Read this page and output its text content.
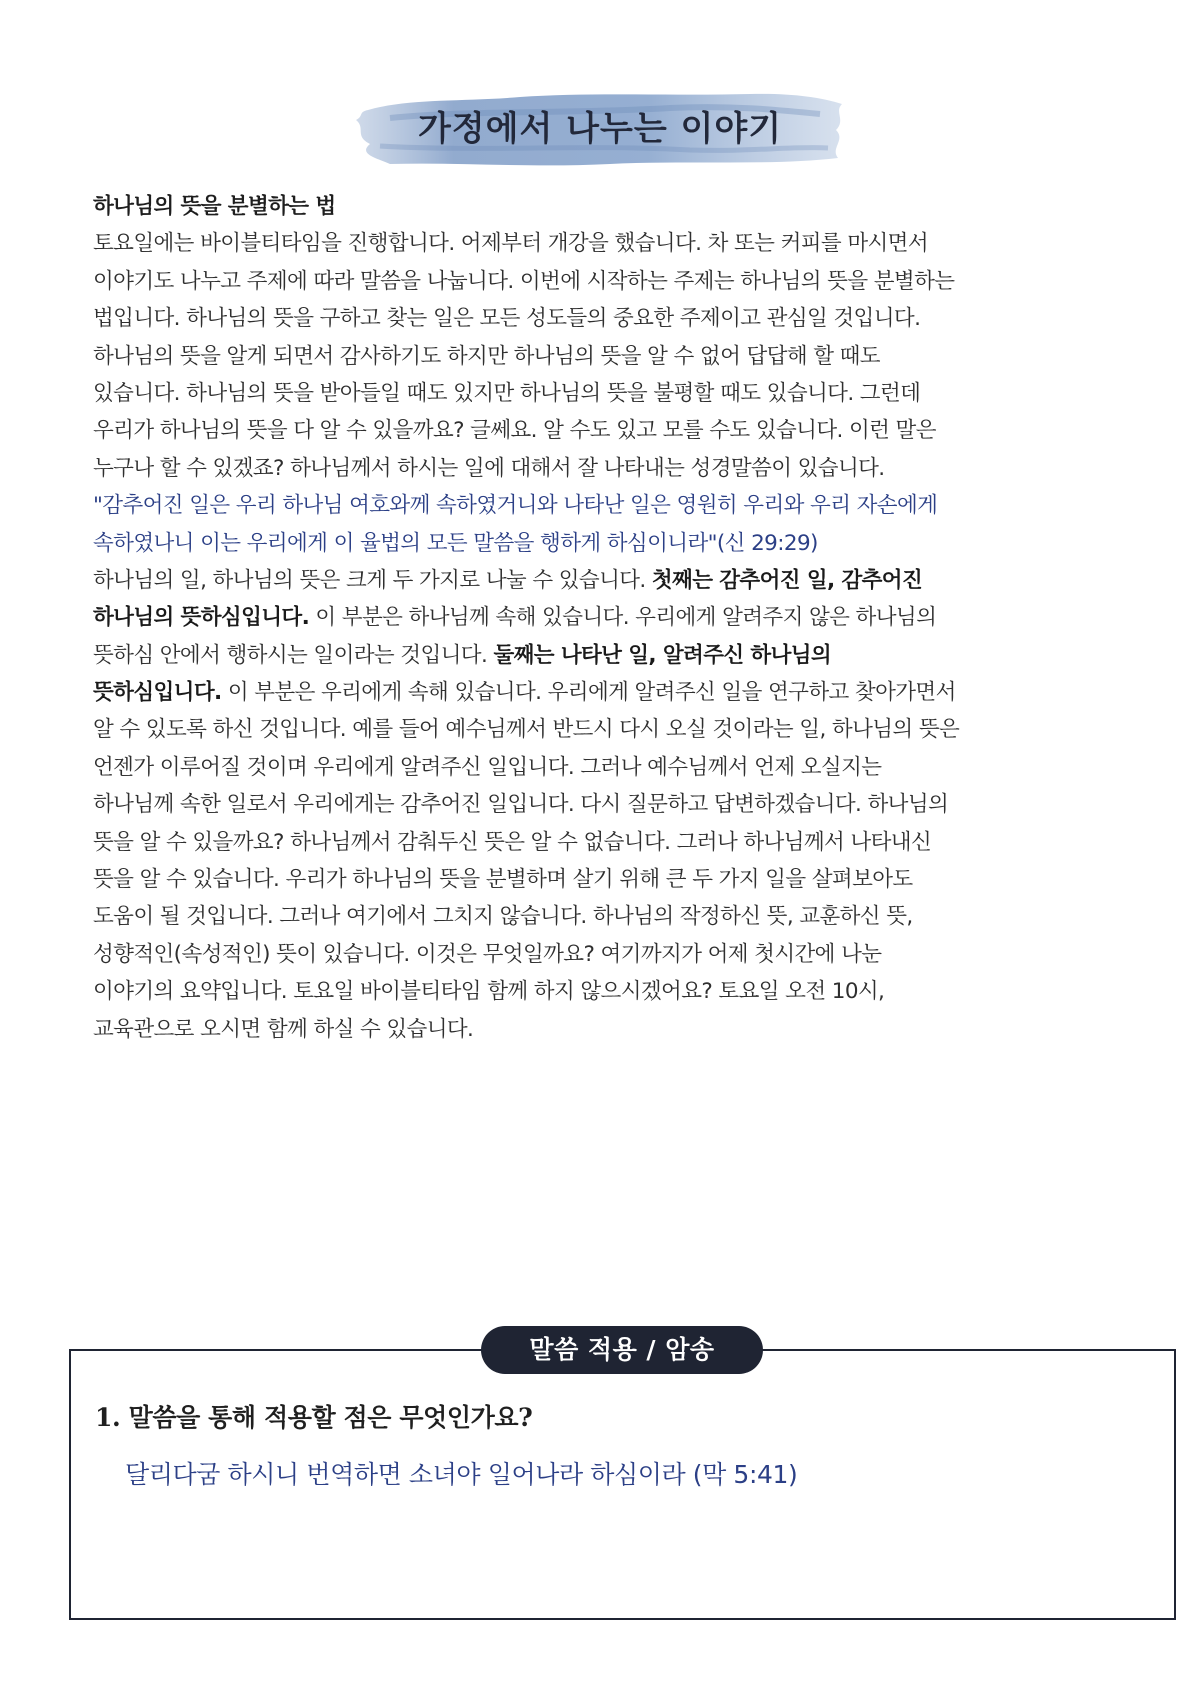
가정에서 나누는 이야기
하나님의 뜻을 분별하는 법
토요일에는 바이블티타임을 진행합니다. 어제부터 개강을 했습니다. 차 또는 커피를 마시면서
이야기도 나누고 주제에 따라 말씀을 나눕니다. 이번에 시작하는 주제는 하나님의 뜻을 분별하는
법입니다. 하나님의 뜻을 구하고 찾는 일은 모든 성도들의 중요한 주제이고 관심일 것입니다.
하나님의 뜻을 알게 되면서 감사하기도 하지만 하나님의 뜻을 알 수 없어 답답해 할 때도
있습니다. 하나님의 뜻을 받아들일 때도 있지만 하나님의 뜻을 불평할 때도 있습니다. 그런데
우리가 하나님의 뜻을 다 알 수 있을까요? 글쎄요. 알 수도 있고 모를 수도 있습니다. 이런 말은
누구나 할 수 있겠죠? 하나님께서 하시는 일에 대해서 잘 나타내는 성경말씀이 있습니다.
"감추어진 일은 우리 하나님 여호와께 속하였거니와 나타난 일은 영원히 우리와 우리 자손에게
속하였나니 이는 우리에게 이 율법의 모든 말씀을 행하게 하심이니라"(신 29:29)
하나님의 일, 하나님의 뜻은 크게 두 가지로 나눌 수 있습니다. 첫째는 감추어진 일, 감추어진
하나님의 뜻하심입니다. 이 부분은 하나님께 속해 있습니다. 우리에게 알려주지 않은 하나님의
뜻하심 안에서 행하시는 일이라는 것입니다. 둘째는 나타난 일, 알려주신 하나님의
뜻하심입니다. 이 부분은 우리에게 속해 있습니다. 우리에게 알려주신 일을 연구하고 찾아가면서
알 수 있도록 하신 것입니다. 예를 들어 예수님께서 반드시 다시 오실 것이라는 일, 하나님의 뜻은
언젠가 이루어질 것이며 우리에게 알려주신 일입니다. 그러나 예수님께서 언제 오실지는
하나님께 속한 일로서 우리에게는 감추어진 일입니다. 다시 질문하고 답변하겠습니다. 하나님의
뜻을 알 수 있을까요? 하나님께서 감춰두신 뜻은 알 수 없습니다. 그러나 하나님께서 나타내신
뜻을 알 수 있습니다. 우리가 하나님의 뜻을 분별하며 살기 위해 큰 두 가지 일을 살펴보아도
도움이 될 것입니다. 그러나 여기에서 그치지 않습니다. 하나님의 작정하신 뜻, 교훈하신 뜻,
성향적인(속성적인) 뜻이 있습니다. 이것은 무엇일까요? 여기까지가 어제 첫시간에 나눈
이야기의 요약입니다. 토요일 바이블티타임 함께 하지 않으시겠어요? 토요일 오전 10시,
교육관으로 오시면 함께 하실 수 있습니다.
말씀 적용 / 암송
1. 말씀을 통해 적용할 점은 무엇인가요?
달리다굼 하시니 번역하면 소녀야 일어나라 하심이라 (막 5:41)
